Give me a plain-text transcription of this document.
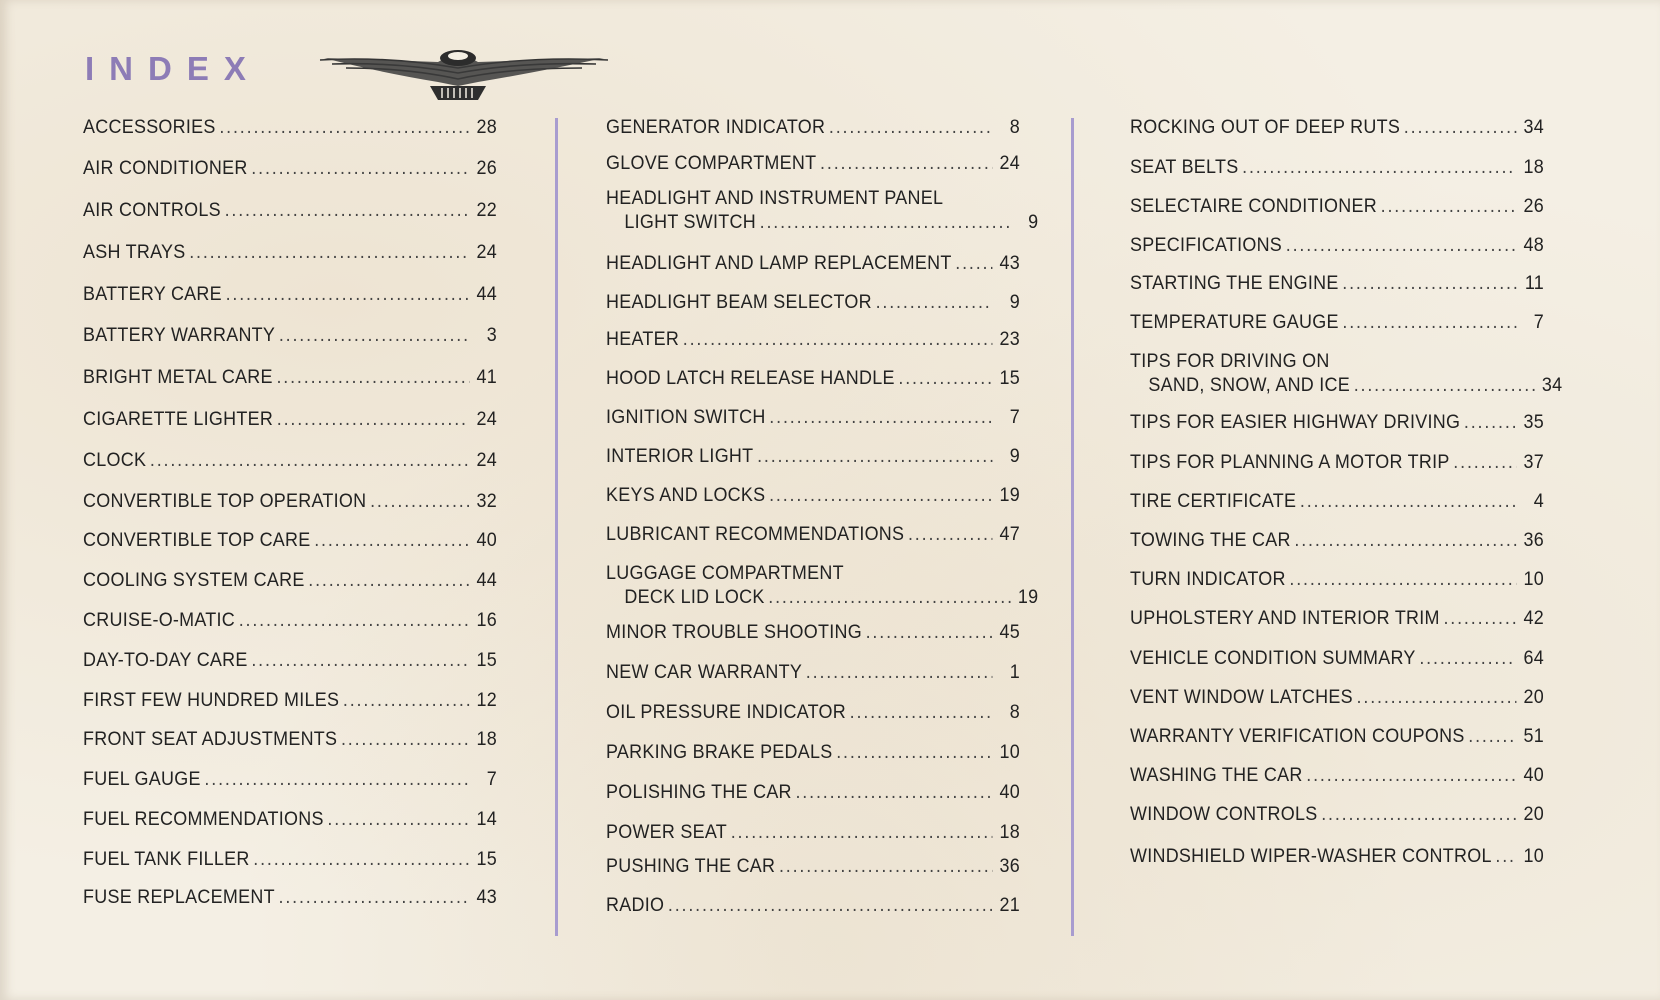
INDEX
ACCESSORIES .....	28
AIR CONDITIONER .....	26
AIR CONTROLS .....	22
ASH TRAYS .....	24
BATTERY CARE .....	44
BATTERY WARRANTY .....	3
BRIGHT METAL CARE .....	41
CIGARETTE LIGHTER .....	24
CLOCK .....	24
CONVERTIBLE TOP OPERATION .....	32
CONVERTIBLE TOP CARE .....	40
COOLING SYSTEM CARE .....	44
CRUISE-O-MATIC .....	16
DAY-TO-DAY CARE .....	15
FIRST FEW HUNDRED MILES .....	12
FRONT SEAT ADJUSTMENTS .....	18
FUEL GAUGE .....	7
FUEL RECOMMENDATIONS .....	14
FUEL TANK FILLER .....	15
FUSE REPLACEMENT .....	43
GENERATOR INDICATOR .....	8
GLOVE COMPARTMENT .....	24
HEADLIGHT AND INSTRUMENT PANEL
LIGHT SWITCH .....	9
HEADLIGHT AND LAMP REPLACEMENT ..... 43
HEADLIGHT BEAM SELECTOR .....	9
HEATER .....	23
HOOD LATCH RELEASE HANDLE .....	15
IGNITION SWITCH .....	7
INTERIOR LIGHT .....	9
KEYS AND LOCKS .....	19
LUBRICANT RECOMMENDATIONS .....	47
LUGGAGE COMPARTMENT
DECK LID LOCK .....	19
MINOR TROUBLE SHOOTING .....	45
NEW CAR WARRANTY .....	1
OIL PRESSURE INDICATOR .....	8
PARKING BRAKE PEDALS .....	10
POLISHING THE CAR .....	40
POWER SEAT .....	18
PUSHING THE CAR .....	36
RADIO .....	21
ROCKING OUT OF DEEP RUTS .....	34
SEAT BELTS .....	18
SELECTAIRE CONDITIONER .....	26
SPECIFICATIONS .....	48
STARTING THE ENGINE .....	11
TEMPERATURE GAUGE .....	7
TIPS FOR DRIVING ON
SAND, SNOW, AND ICE .....	34
TIPS FOR EASIER HIGHWAY DRIVING .....	35
TIPS FOR PLANNING A MOTOR TRIP .....	37
TIRE CERTIFICATE .....	4
TOWING THE CAR .....	36
TURN INDICATOR .....	10
UPHOLSTERY AND INTERIOR TRIM .....	42
VEHICLE CONDITION SUMMARY .....	64
VENT WINDOW LATCHES .....	20
WARRANTY VERIFICATION COUPONS .....	51
WASHING THE CAR .....	40
WINDOW CONTROLS .....	20
WINDSHIELD WIPER-WASHER CONTROL ..... 10
